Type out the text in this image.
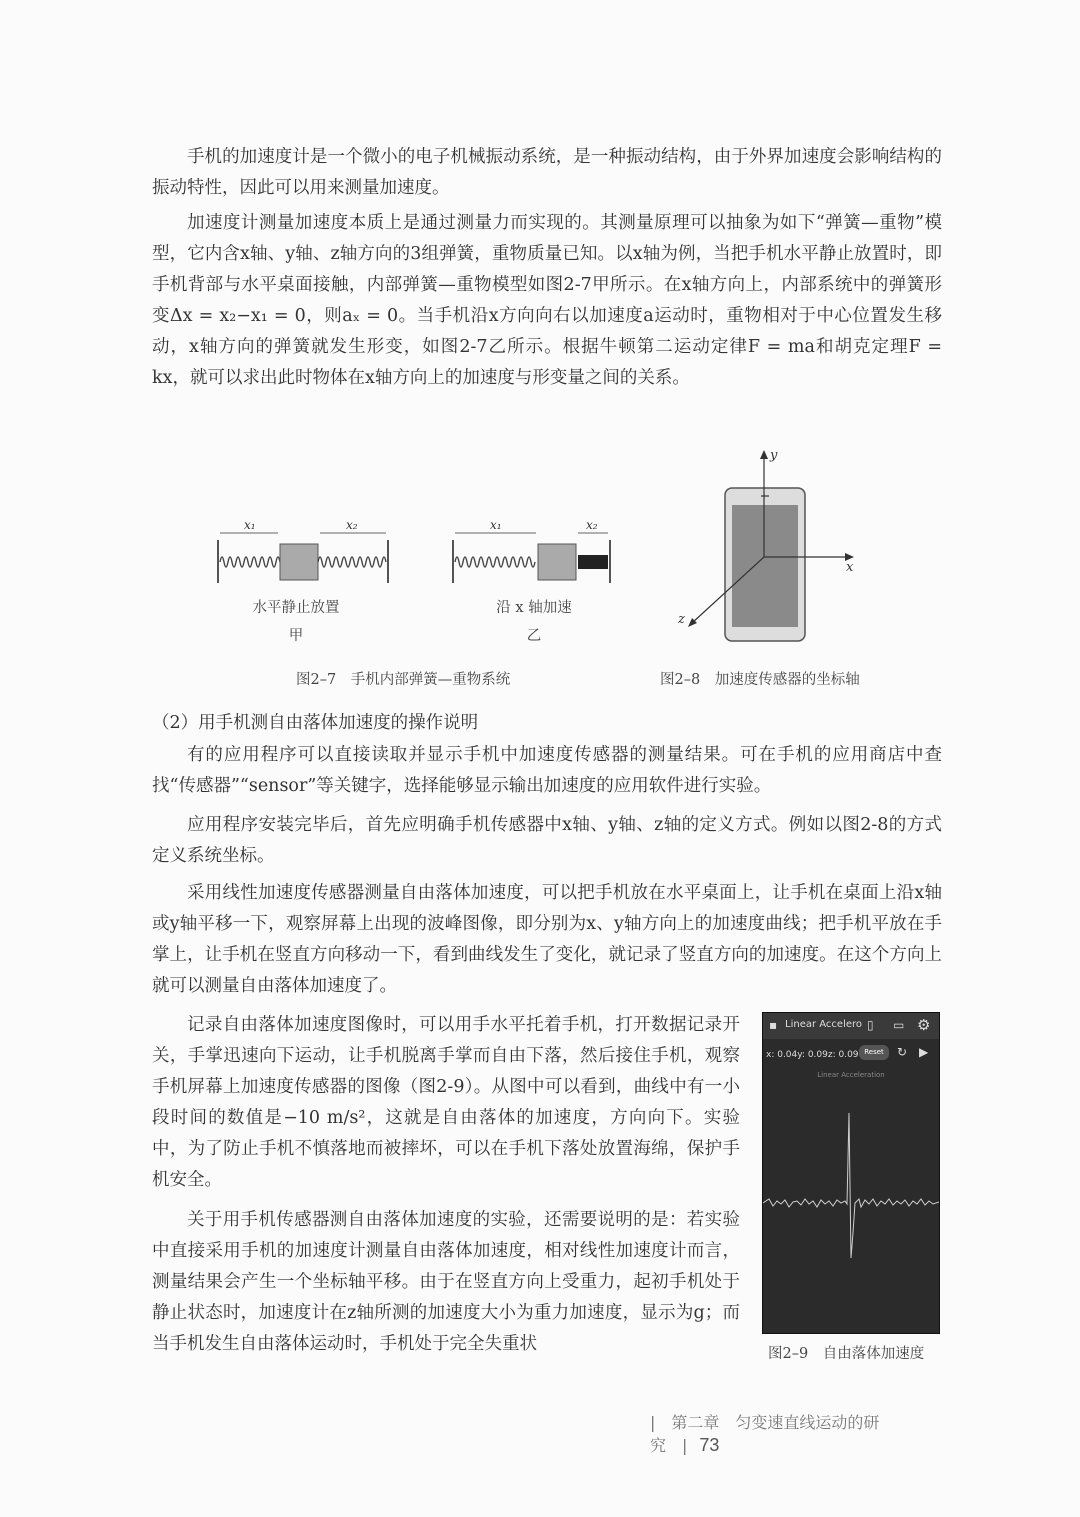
手机的加速度计是一个微小的电子机械振动系统，是一种振动结构，由于外界加速度会影响结构的振动特性，因此可以用来测量加速度。

加速度计测量加速度本质上是通过测量力而实现的。其测量原理可以抽象为如下“弹簧—重物”模型，它内含x轴、y轴、z轴方向的3组弹簧，重物质量已知。以x轴为例，当把手机水平静止放置时，即手机背部与水平桌面接触，内部弹簧—重物模型如图2-7甲所示。在x轴方向上，内部系统中的弹簧形变Δx = x₂−x₁ = 0，则aₓ = 0。当手机沿x方向向右以加速度a运动时，重物相对于中心位置发生移动，x轴方向的弹簧就发生形变，如图2-7乙所示。根据牛顿第二运动定律F = ma和胡克定理F = kx，就可以求出此时物体在x轴方向上的加速度与形变量之间的关系。

x₁	x₂	x₁	x₂
水平静止放置
甲
沿 x 轴加速
乙
图2–7　手机内部弹簧—重物系统
y
x
z
图2–8　加速度传感器的坐标轴

（2）用手机测自由落体加速度的操作说明

有的应用程序可以直接读取并显示手机中加速度传感器的测量结果。可在手机的应用商店中查找“传感器”“sensor”等关键字，选择能够显示输出加速度的应用软件进行实验。

应用程序安装完毕后，首先应明确手机传感器中x轴、y轴、z轴的定义方式。例如以图2-8的方式定义系统坐标。

采用线性加速度传感器测量自由落体加速度，可以把手机放在水平桌面上，让手机在桌面上沿x轴或y轴平移一下，观察屏幕上出现的波峰图像，即分别为x、y轴方向上的加速度曲线；把手机平放在手掌上，让手机在竖直方向移动一下，看到曲线发生了变化，就记录了竖直方向的加速度。在这个方向上就可以测量自由落体加速度了。

记录自由落体加速度图像时，可以用手水平托着手机，打开数据记录开关，手掌迅速向下运动，让手机脱离手掌而自由下落，然后接住手机，观察手机屏幕上加速度传感器的图像（图2-9）。从图中可以看到，曲线中有一小段时间的数值是−10 m/s²，这就是自由落体的加速度，方向向下。实验中，为了防止手机不慎落地而被摔坏，可以在手机下落处放置海绵，保护手机安全。

关于用手机传感器测自由落体加速度的实验，还需要说明的是：若实验中直接采用手机的加速度计测量自由落体加速度，相对线性加速度计而言，测量结果会产生一个坐标轴平移。由于在竖直方向上受重力，起初手机处于静止状态时，加速度计在z轴所测的加速度大小为重力加速度，显示为g；而当手机发生自由落体运动时，手机处于完全失重状

▪ Linear Accelero ▯ ▭ ⚙
x: 0.04y: 0.09z: 0.09 Reset	↻ ▶
Linear Acceleration
图2–9　自由落体加速度
|　第二章　匀变速直线运动的研究　| 73
